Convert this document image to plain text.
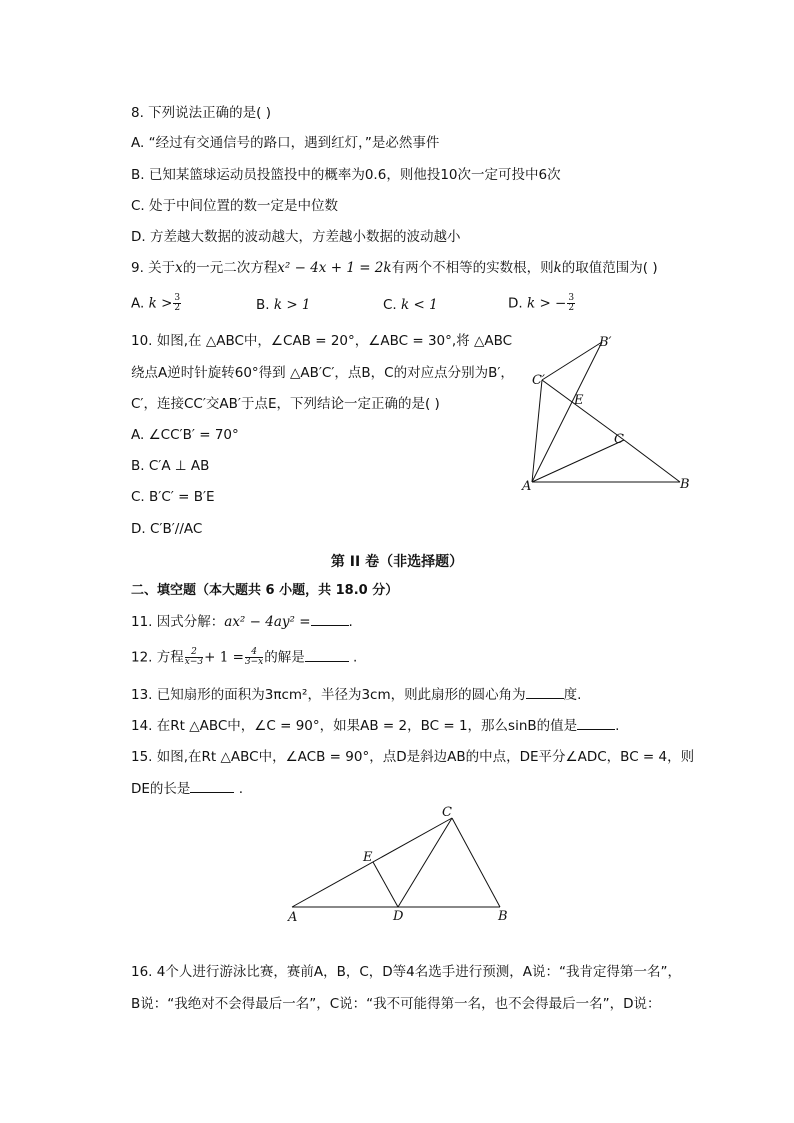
8. 下列说法正确的是( )
A. “经过有交通信号的路口，遇到红灯，”是必然事件
B. 已知某篮球运动员投篮投中的概率为0.6，则他投10次一定可投中6次
C. 处于中间位置的数一定是中位数
D. 方差越大数据的波动越大，方差越小数据的波动越小
9. 关于x的一元二次方程x² − 4x + 1 = 2k有两个不相等的实数根，则k的取值范围为( )
A. $k > \frac{3}{2}$	B. k > 1	C. k < 1	D. k > − $\frac{3}{2}$
10. 如图,在 △ABC中，∠CAB = 20°，∠ABC = 30°,将 △ABC
绕点A逆时针旋转60°得到 △AB′C′，点B，C的对应点分别为B′，
C′，连接CC′交AB′于点E，下列结论一定正确的是( )
A. ∠CC′B′ = 70°
B. C′A ⊥ AB
C. B′C′ = B′E
D. C′B′//AC
B′
C′
E
C
A	B
第 II 卷（非选择题）
二、填空题（本大题共 6 小题，共 18.0 分）
11. 因式分解：ax² − 4ay² =	.
12. 方程 $\frac{2}{x-3} + 1 = \frac{4}{3-x}$ 的解是	.
13. 已知扇形的面积为3πcm²，半径为3cm，则此扇形的圆心角为	度.
14. 在Rt △ABC中，∠C = 90°，如果AB = 2，BC = 1，那么sinB的值是	.
15. 如图,在Rt △ABC中，∠ACB = 90°，点D是斜边AB的中点，DE平分∠ADC，BC = 4，则
DE的长是	.
C
E
A	D	B
16. 4个人进行游泳比赛，赛前A，B，C，D等4名选手进行预测，A说：“我肯定得第一名”，
B说：“我绝对不会得最后一名”，C说：“我不可能得第一名，也不会得最后一名”，D说：
